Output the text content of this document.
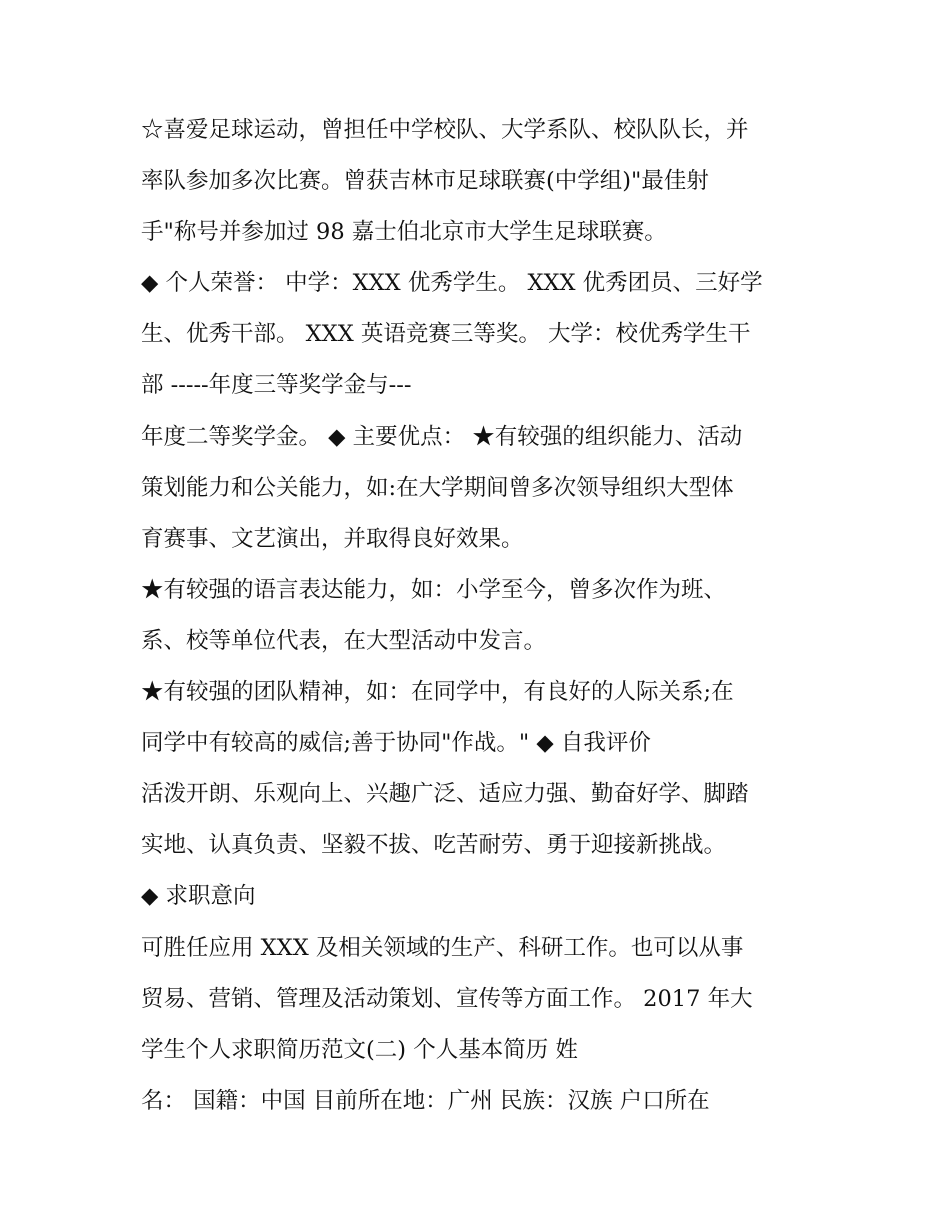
☆喜爱足球运动，曾担任中学校队、大学系队、校队队长，并
率队参加多次比赛。曾获吉林市足球联赛(中学组)"最佳射
手"称号并参加过 98 嘉士伯北京市大学生足球联赛。
◆ 个人荣誉： 中学：XXX 优秀学生。 XXX 优秀团员、三好学
生、优秀干部。 XXX 英语竞赛三等奖。 大学：校优秀学生干
部 -----年度三等奖学金与---
年度二等奖学金。 ◆ 主要优点： ★有较强的组织能力、活动
策划能力和公关能力，如:在大学期间曾多次领导组织大型体
育赛事、文艺演出，并取得良好效果。
★有较强的语言表达能力，如：小学至今，曾多次作为班、
系、校等单位代表，在大型活动中发言。
★有较强的团队精神，如：在同学中，有良好的人际关系;在
同学中有较高的威信;善于协同"作战。" ◆ 自我评价
活泼开朗、乐观向上、兴趣广泛、适应力强、勤奋好学、脚踏
实地、认真负责、坚毅不拔、吃苦耐劳、勇于迎接新挑战。
◆ 求职意向
可胜任应用 XXX 及相关领域的生产、科研工作。也可以从事
贸易、营销、管理及活动策划、宣传等方面工作。 2017 年大
学生个人求职简历范文(二) 个人基本简历 姓
名： 国籍：中国 目前所在地：广州 民族：汉族 户口所在
